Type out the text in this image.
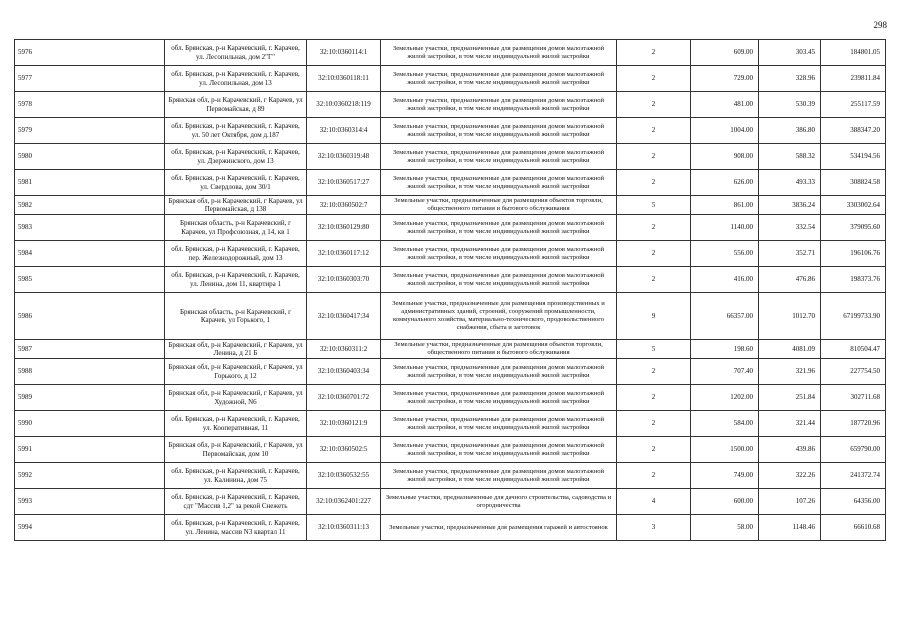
298
5976	обл. Брянская, р-н Карачевский, г. Карачев, ул. Лесопильная, дом 2"Г"	32:10:0360114:1	Земельные участки, предназначенные для размещения домов малоэтажной жилой застройки, в том числе индивидуальной жилой застройки	2	609.00	303.45	184801.05
5977	обл. Брянская, р-н Карачевский, г. Карачев, ул. Лесопильная, дом 13	32:10:0360118:11	Земельные участки, предназначенные для размещения домов малоэтажной жилой застройки, в том числе индивидуальной жилой застройки	2	729.00	328.96	239811.84
5978	Брянская обл, р-н Карачевский, г Карачев, ул Первомайская, д 89	32:10:0360218:119	Земельные участки, предназначенные для размещения домов малоэтажной жилой застройки, в том числе индивидуальной жилой застройки	2	481.00	530.39	255117.59
5979	обл. Брянская, р-н Карачевский, г. Карачев, ул. 50 лет Октября, дом д.187	32:10:0360314:4	Земельные участки, предназначенные для размещения домов малоэтажной жилой застройки, в том числе индивидуальной жилой застройки	2	1004.00	386.80	388347.20
5980	обл. Брянская, р-н Карачевский, г. Карачев, ул. Дзержинского, дом 13	32:10:0360319:48	Земельные участки, предназначенные для размещения домов малоэтажной жилой застройки, в том числе индивидуальной жилой застройки	2	908.00	588.32	534194.56
5981	обл. Брянская, р-н Карачевский, г. Карачев, ул. Свердлова, дом 30/1	32:10:0360517:27	Земельные участки, предназначенные для размещения домов малоэтажной жилой застройки, в том числе индивидуальной жилой застройки	2	626.00	493.33	308824.58
5982	Брянская обл, р-н Карачевский, г Карачев, ул Первомайская, д 138	32:10:0360502:7	Земельные участки, предназначенные для размещения объектов торговли, общественного питания и бытового обслуживания	5	861.00	3836.24	3303002.64
5983	Брянская область, р-н Карачевский, г Карачев, ул Профсоюзная, д 14, кв 1	32:10:0360129:80	Земельные участки, предназначенные для размещения домов малоэтажной жилой застройки, в том числе индивидуальной жилой застройки	2	1140.00	332.54	379095.60
5984	обл. Брянская, р-н Карачевский, г. Карачев, пер. Железнодорожный, дом 13	32:10:0360117:12	Земельные участки, предназначенные для размещения домов малоэтажной жилой застройки, в том числе индивидуальной жилой застройки	2	556.00	352.71	196106.76
5985	обл. Брянская, р-н Карачевский, г. Карачев, ул. Ленина, дом 11, квартира 1	32:10:0360303:70	Земельные участки, предназначенные для размещения домов малоэтажной жилой застройки, в том числе индивидуальной жилой застройки	2	416.00	476.86	198373.76
5986	Брянская область, р-н Карачевский, г Карачев, ул Горького, 1	32:10:0360417:34	Земельные участки, предназначенные для размещения производственных и административных зданий, строений, сооружений промышленности, коммунального хозяйства, материально-технического, продовольственного снабжения, сбыта и заготовок	9	66357.00	1012.70	67199733.90
5987	Брянская обл, р-н Карачевский, г Карачев, ул Ленина, д 21 Б	32:10:0360311:2	Земельные участки, предназначенные для размещения объектов торговли, общественного питания и бытового обслуживания	5	198.60	4081.09	810504.47
5988	Брянская обл, р-н Карачевский, г Карачев, ул Горького, д 12	32:10:0360403:34	Земельные участки, предназначенные для размещения домов малоэтажной жилой застройки, в том числе индивидуальной жилой застройки	2	707.40	321.96	227754.50
5989	Брянская обл, р-н Карачевский, г Карачев, ул Художной, N6	32:10:0360701:72	Земельные участки, предназначенные для размещения домов малоэтажной жилой застройки, в том числе индивидуальной жилой застройки	2	1202.00	251.84	302711.68
5990	обл. Брянская, р-н Карачевский, г. Карачев, ул. Кооперативная, 11	32:10:0360121:9	Земельные участки, предназначенные для размещения домов малоэтажной жилой застройки, в том числе индивидуальной жилой застройки	2	584.00	321.44	187720.96
5991	Брянская обл, р-н Карачевский, г Карачев, ул Первомайская, дом 10	32:10:0360502:5	Земельные участки, предназначенные для размещения домов малоэтажной жилой застройки, в том числе индивидуальной жилой застройки	2	1500.00	439.86	659790.00
5992	обл. Брянская, р-н Карачевский, г. Карачев, ул. Калинина, дом 75	32:10:0360532:55	Земельные участки, предназначенные для размещения домов малоэтажной жилой застройки, в том числе индивидуальной жилой застройки	2	749.00	322.26	241372.74
5993	обл. Брянская, р-н Карачевский, г. Карачев, сдт "Массив 1,2" за рекой Снежеть	32:10:0362401:227	Земельные участки, предназначенные для дачного строительства, садоводства и огородничества	4	600.00	107.26	64356.00
5994	обл. Брянская, р-н Карачевский, г. Карачев, ул. Ленина, массив N3 квартал 11	32:10:0360311:13	Земельные участки, предназначенные для размещения гаражей и автостоянок	3	58.00	1148.46	66610.68
